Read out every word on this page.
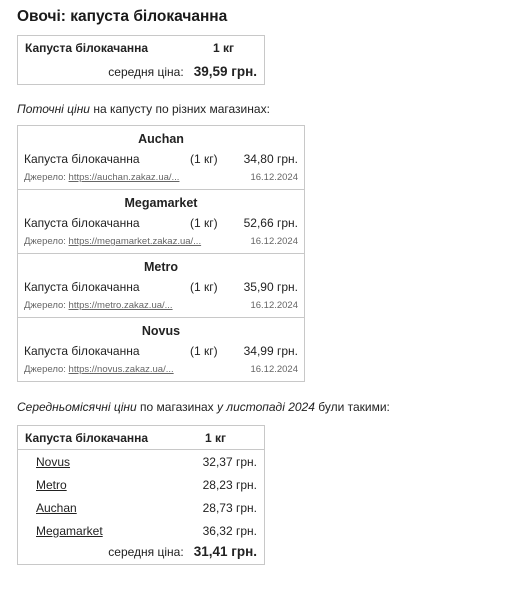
Овочі: капуста білокачанна
Капуста білокачанна	1 кг
середня ціна: 39,59 грн.
Поточні ціни на капусту по різних магазинах:
Auchan
Капуста білокачанна	(1 кг)	34,80 грн.
Джерело: https://auchan.zakaz.ua/...	16.12.2024
Megamarket
Капуста білокачанна	(1 кг)	52,66 грн.
Джерело: https://megamarket.zakaz.ua/...	16.12.2024
Metro
Капуста білокачанна	(1 кг)	35,90 грн.
Джерело: https://metro.zakaz.ua/...	16.12.2024
Novus
Капуста білокачанна	(1 кг)	34,99 грн.
Джерело: https://novus.zakaz.ua/...	16.12.2024
Середньомісячні ціни по магазинах у листопаді 2024 були такими:
Капуста білокачанна	1 кг
Novus	32,37 грн.
Metro	28,23 грн.
Auchan	28,73 грн.
Megamarket	36,32 грн.
середня ціна: 31,41 грн.
